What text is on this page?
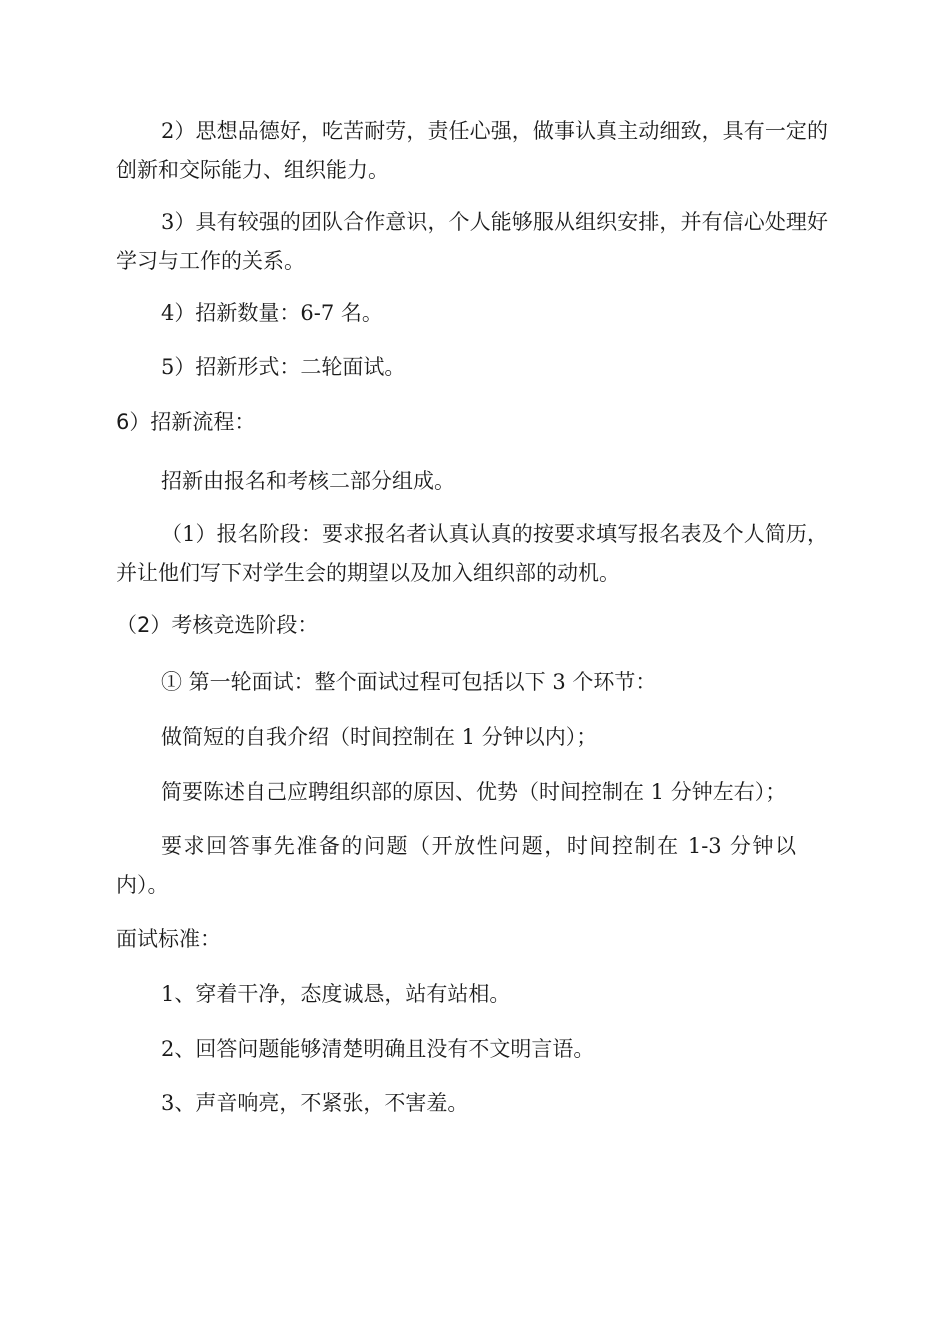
2）思想品德好，吃苦耐劳，责任心强，做事认真主动细致，具有一定的创新和交际能力、组织能力。

3）具有较强的团队合作意识，个人能够服从组织安排，并有信心处理好学习与工作的关系。

4）招新数量：6-7 名。

5）招新形式：二轮面试。

6）招新流程：

招新由报名和考核二部分组成。

（1）报名阶段：要求报名者认真认真的按要求填写报名表及个人简历，并让他们写下对学生会的期望以及加入组织部的动机。

（2）考核竞选阶段：

① 第一轮面试：整个面试过程可包括以下 3 个环节：

做简短的自我介绍（时间控制在 1 分钟以内）；

简要陈述自己应聘组织部的原因、优势（时间控制在 1 分钟左右）；

要求回答事先准备的问题（开放性问题，时间控制在 1-3 分钟以内）。

面试标准：

1、穿着干净，态度诚恳，站有站相。

2、回答问题能够清楚明确且没有不文明言语。

3、声音响亮，不紧张，不害羞。
